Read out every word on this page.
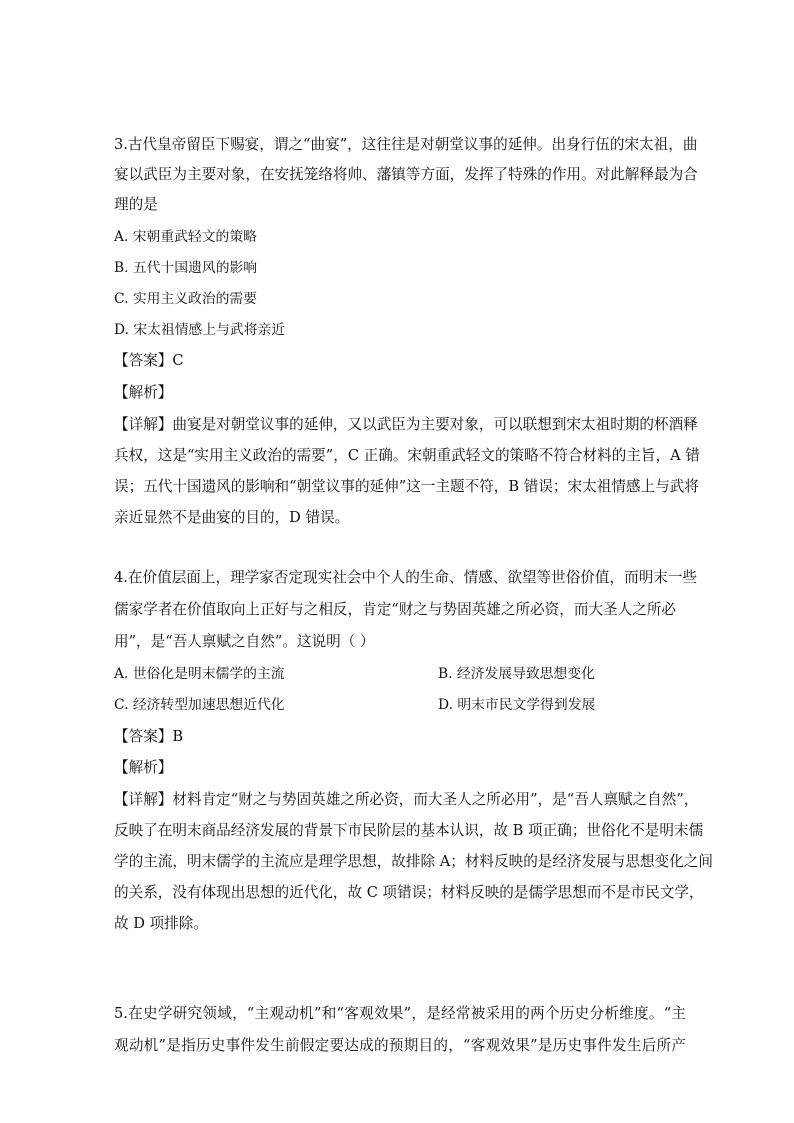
3.古代皇帝留臣下赐宴，谓之“曲宴”，这往往是对朝堂议事的延伸。出身行伍的宋太祖，曲
宴以武臣为主要对象，在安抚笼络将帅、藩镇等方面，发挥了特殊的作用。对此解释最为合
理的是
A. 宋朝重武轻文的策略
B. 五代十国遗风的影响
C. 实用主义政治的需要
D. 宋太祖情感上与武将亲近
【答案】C
【解析】
【详解】曲宴是对朝堂议事的延伸，又以武臣为主要对象，可以联想到宋太祖时期的杯酒释
兵权，这是“实用主义政治的需要”，C 正确。宋朝重武轻文的策略不符合材料的主旨，A 错
误；五代十国遗风的影响和“朝堂议事的延伸”这一主题不符，B 错误；宋太祖情感上与武将
亲近显然不是曲宴的目的，D 错误。
4.在价值层面上，理学家否定现实社会中个人的生命、情感、欲望等世俗价值，而明末一些
儒家学者在价值取向上正好与之相反，肯定“财之与势固英雄之所必资，而大圣人之所必
用”，是“吾人禀赋之自然”。这说明（ ）
A. 世俗化是明末儒学的主流	B. 经济发展导致思想变化
C. 经济转型加速思想近代化	D. 明末市民文学得到发展
【答案】B
【解析】
【详解】材料肯定“财之与势固英雄之所必资，而大圣人之所必用”，是“吾人禀赋之自然”，
反映了在明末商品经济发展的背景下市民阶层的基本认识，故 B 项正确；世俗化不是明末儒
学的主流，明末儒学的主流应是理学思想，故排除 A；材料反映的是经济发展与思想变化之间
的关系，没有体现出思想的近代化，故 C 项错误；材料反映的是儒学思想而不是市民文学，
故 D 项排除。
5.在史学研究领域，“主观动机”和“客观效果”，是经常被采用的两个历史分析维度。“主
观动机”是指历史事件发生前假定要达成的预期目的，“客观效果”是历史事件发生后所产
